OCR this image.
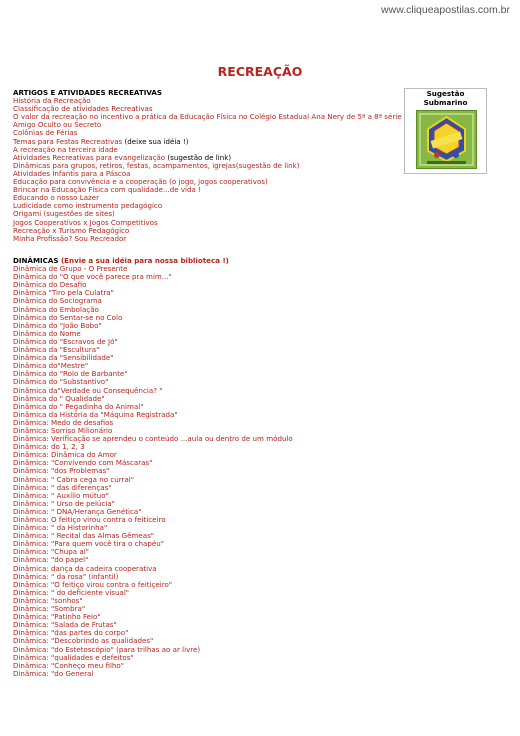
www.cliqueapostilas.com.br
RECREAÇÃO
ARTIGOS E ATIVIDADES RECREATIVAS
História da Recreação
Classificação de atividades Recreativas
O valor da recreação no incentivo a prática da Educação Física no Colégio Estadual Ana Nery de 5ª a 8ª série
Amigo Oculto ou Secreto
Colônias de Férias
Temas para Festas Recreativas (deixe sua idéia !)
A recreação na terceira idade
Atividades Recreativas para evangelização (sugestão de link)
Dinâmicas para grupos, retiros, festas, acampamentos, igrejas(sugestão de link)
Atividades Infantis para a Páscoa
Educação para convivência e a cooperação (o jogo, jogos cooperativos)
Brincar na Educação Física com qualidade...de vida !
Educando o nosso Lazer
Ludicidade como instrumento pedagógico
Origami (sugestões de sites)
Jogos Cooperativos x Jogos Competitivos
Recreação x Turismo Pedagógico
Minha Profissão? Sou Recreador
DINÂMICAS (Envie a sua idéia para nossa biblioteca !)
Dinâmica de Grupo - O Presente
Dinâmica do "O que você parece pra mim..."
Dinâmica do Desafio
Dinâmica "Tiro pela Culatra"
Dinâmica do Sociograma
Dinâmica do Embolação
Dinâmica do Sentar-se no Colo
Dinâmica do "João Bobo"
Dinâmica do Nome
Dinâmica do "Escravos de Jó"
Dinâmica da "Escultura"
Dinâmica da "Sensibilidade"
Dinâmica do"Mestre"
Dinâmica do "Rolo de Barbante"
Dinâmica do "Substantivo"
Dinâmica da"Verdade ou Consequência? "
Dinâmica do " Qualidade"
Dinâmica do " Pegadinha do Animal"
Dinâmica da História da "Máquina Registrada"
Dinâmica: Medo de desafios
Dinâmica: Sorriso Milionário
Dinâmica: Verificação se aprendeu o conteúdo ...aula ou dentro de um módulo
Dinâmica: do 1, 2, 3
Dinâmica: Dinâmica do Amor
Dinâmica: "Convivendo com Máscaras"
Dinâmica: "dos Problemas"
Dinâmica: " Cabra cega no curral"
Dinâmica: " das diferenças"
Dinâmica: " Auxílio mútuo"
Dinâmica: " Urso de pelúcia"
Dinâmica: " DNA/Herança Genética"
Dinâmica: O feitiço virou contra o feiticeiro
Dinâmica: " da Historinha"
Dinâmica: " Recital das Almas Gêmeas"
Dinâmica: "Para quem você tira o chapéu"
Dinâmica: "Chupa aí"
Dinâmica: "do papel"
Dinâmica: dança da cadeira cooperativa
Dinâmica: " da rosa" (infantil)
Dinâmica: "O feitiço virou contra o feitiçeiro"
Dinâmica: " do deficiente visual"
Dinâmica: "sonhos"
Dinâmica: "Sombra"
Dinâmica: "Patinho Feio"
Dinâmica: "Salada de Frutas"
Dinâmica: "das partes do corpo"
Dinâmica: "Descobrindo as qualidades"
Dinâmica: "do Estetoscópio" (para trilhas ao ar livre)
Dinâmica: "qualidades e defeitos"
Dinâmica: "Conheço meu filho"
Dinâmica: "do General
Sugestão
Submarino
